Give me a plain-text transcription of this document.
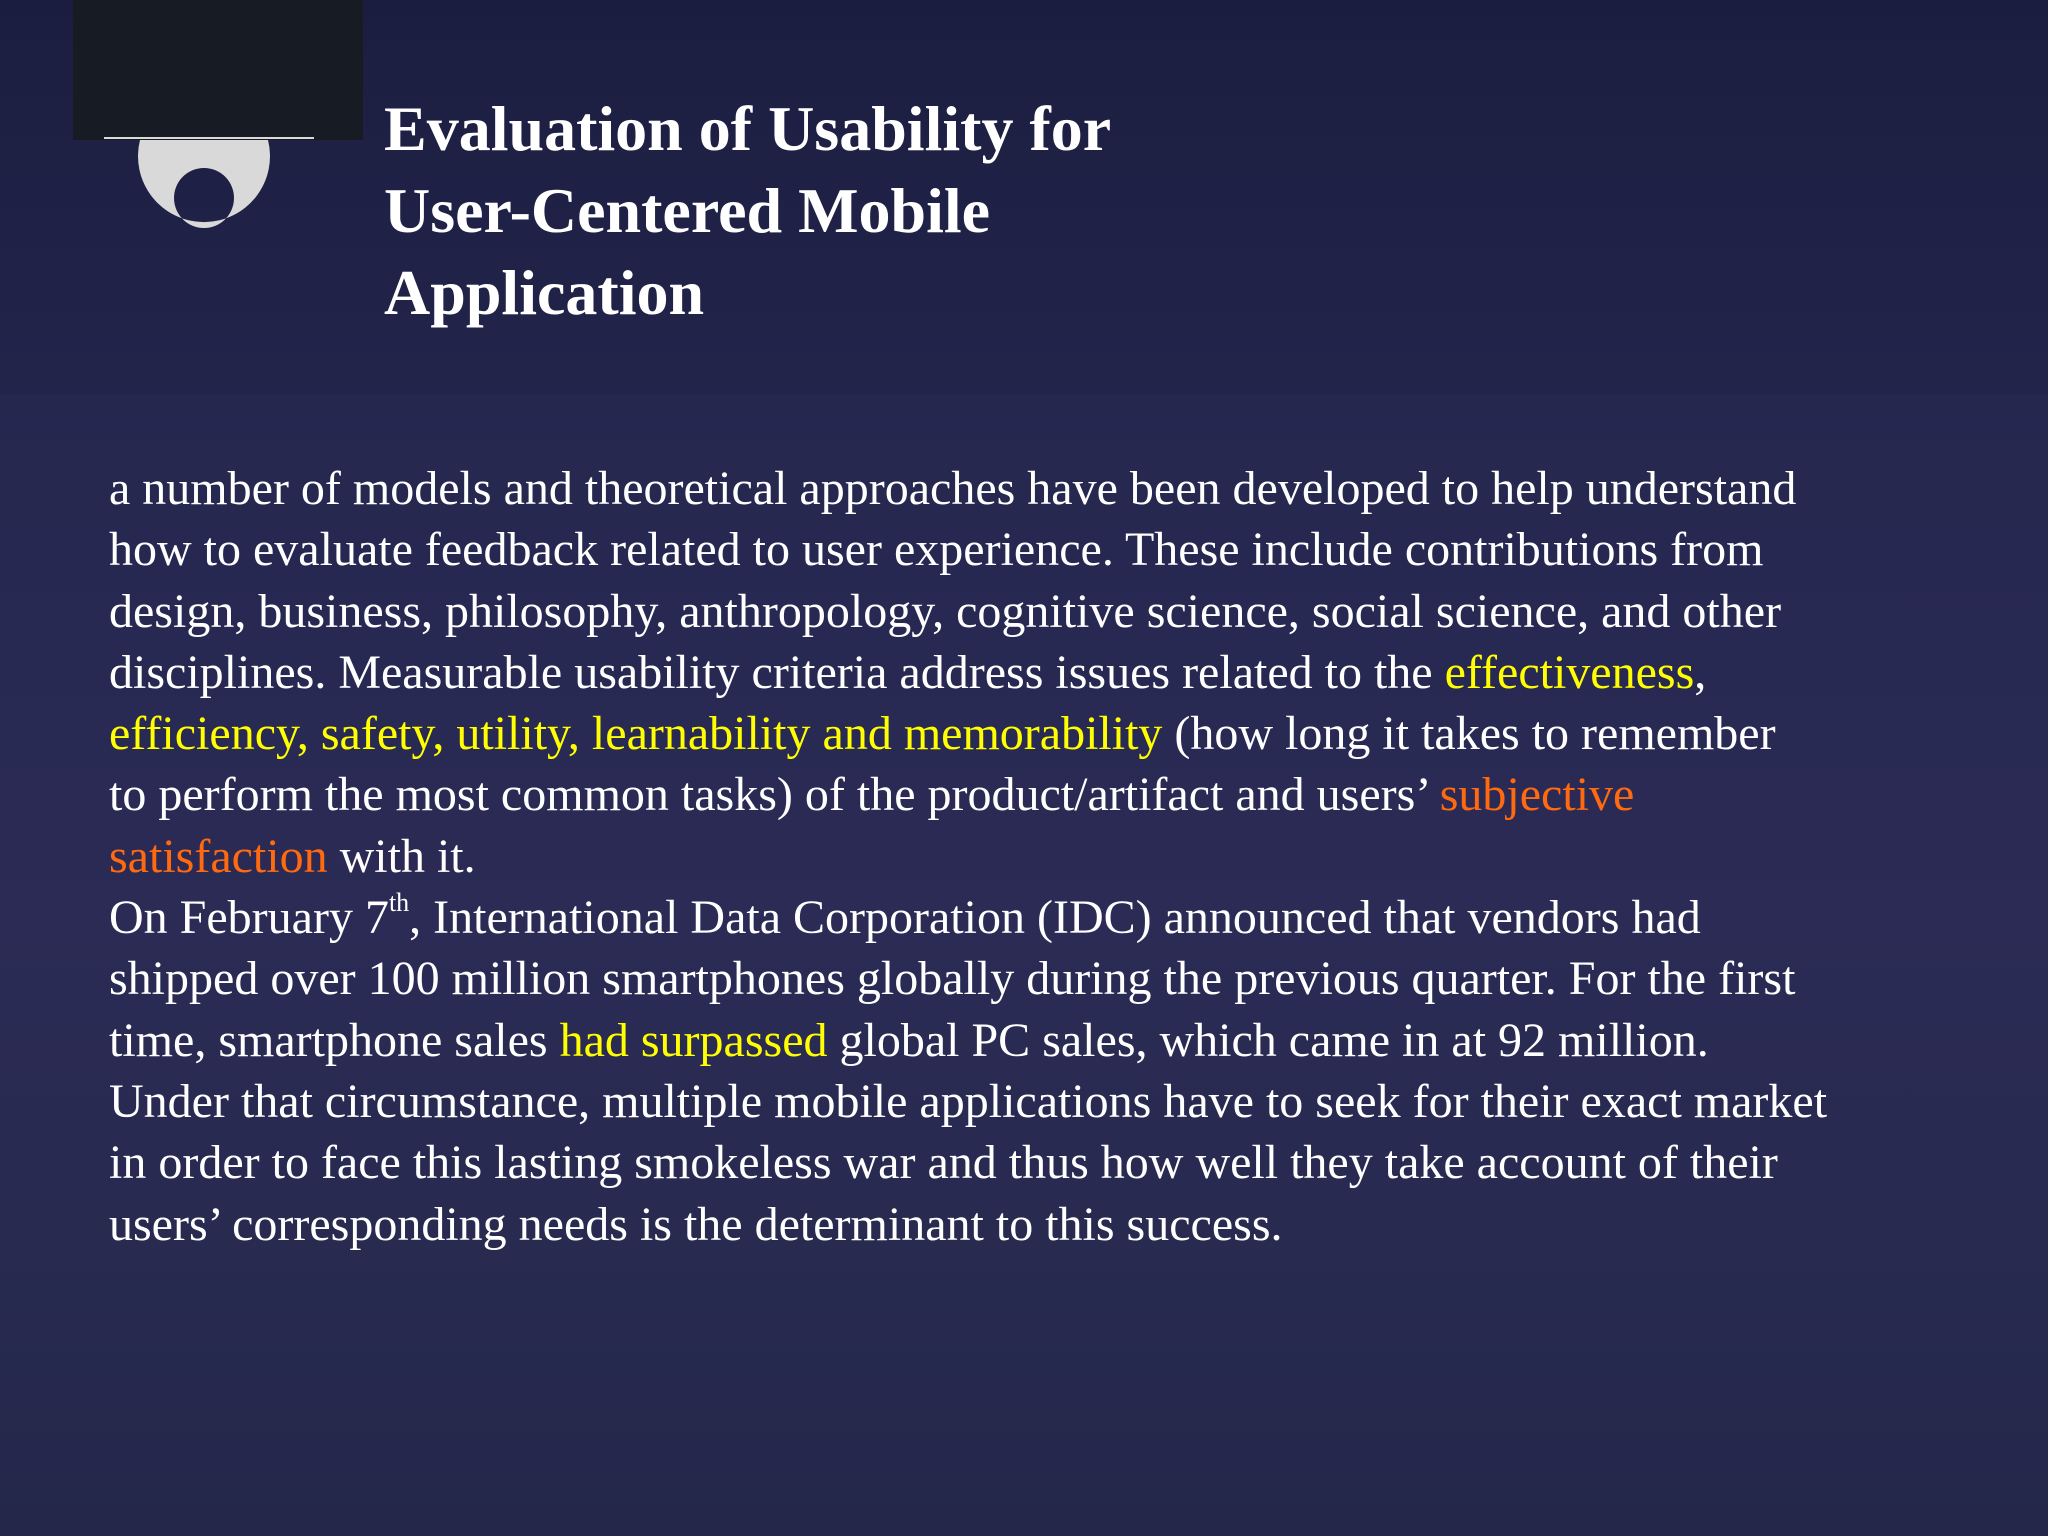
Evaluation of Usability for
User-Centered Mobile
Application
a number of models and theoretical approaches have been developed to help understand
how to evaluate feedback related to user experience. These include contributions from
design, business, philosophy, anthropology, cognitive science, social science, and other
disciplines. Measurable usability criteria address issues related to the effectiveness,
efficiency, safety, utility, learnability and memorability (how long it takes to remember
to perform the most common tasks) of the product/artifact and users’ subjective
satisfaction with it.
On February 7th, International Data Corporation (IDC) announced that vendors had
shipped over 100 million smartphones globally during the previous quarter. For the first
time, smartphone sales had surpassed global PC sales, which came in at 92 million.
Under that circumstance, multiple mobile applications have to seek for their exact market
in order to face this lasting smokeless war and thus how well they take account of their
users’ corresponding needs is the determinant to this success.
